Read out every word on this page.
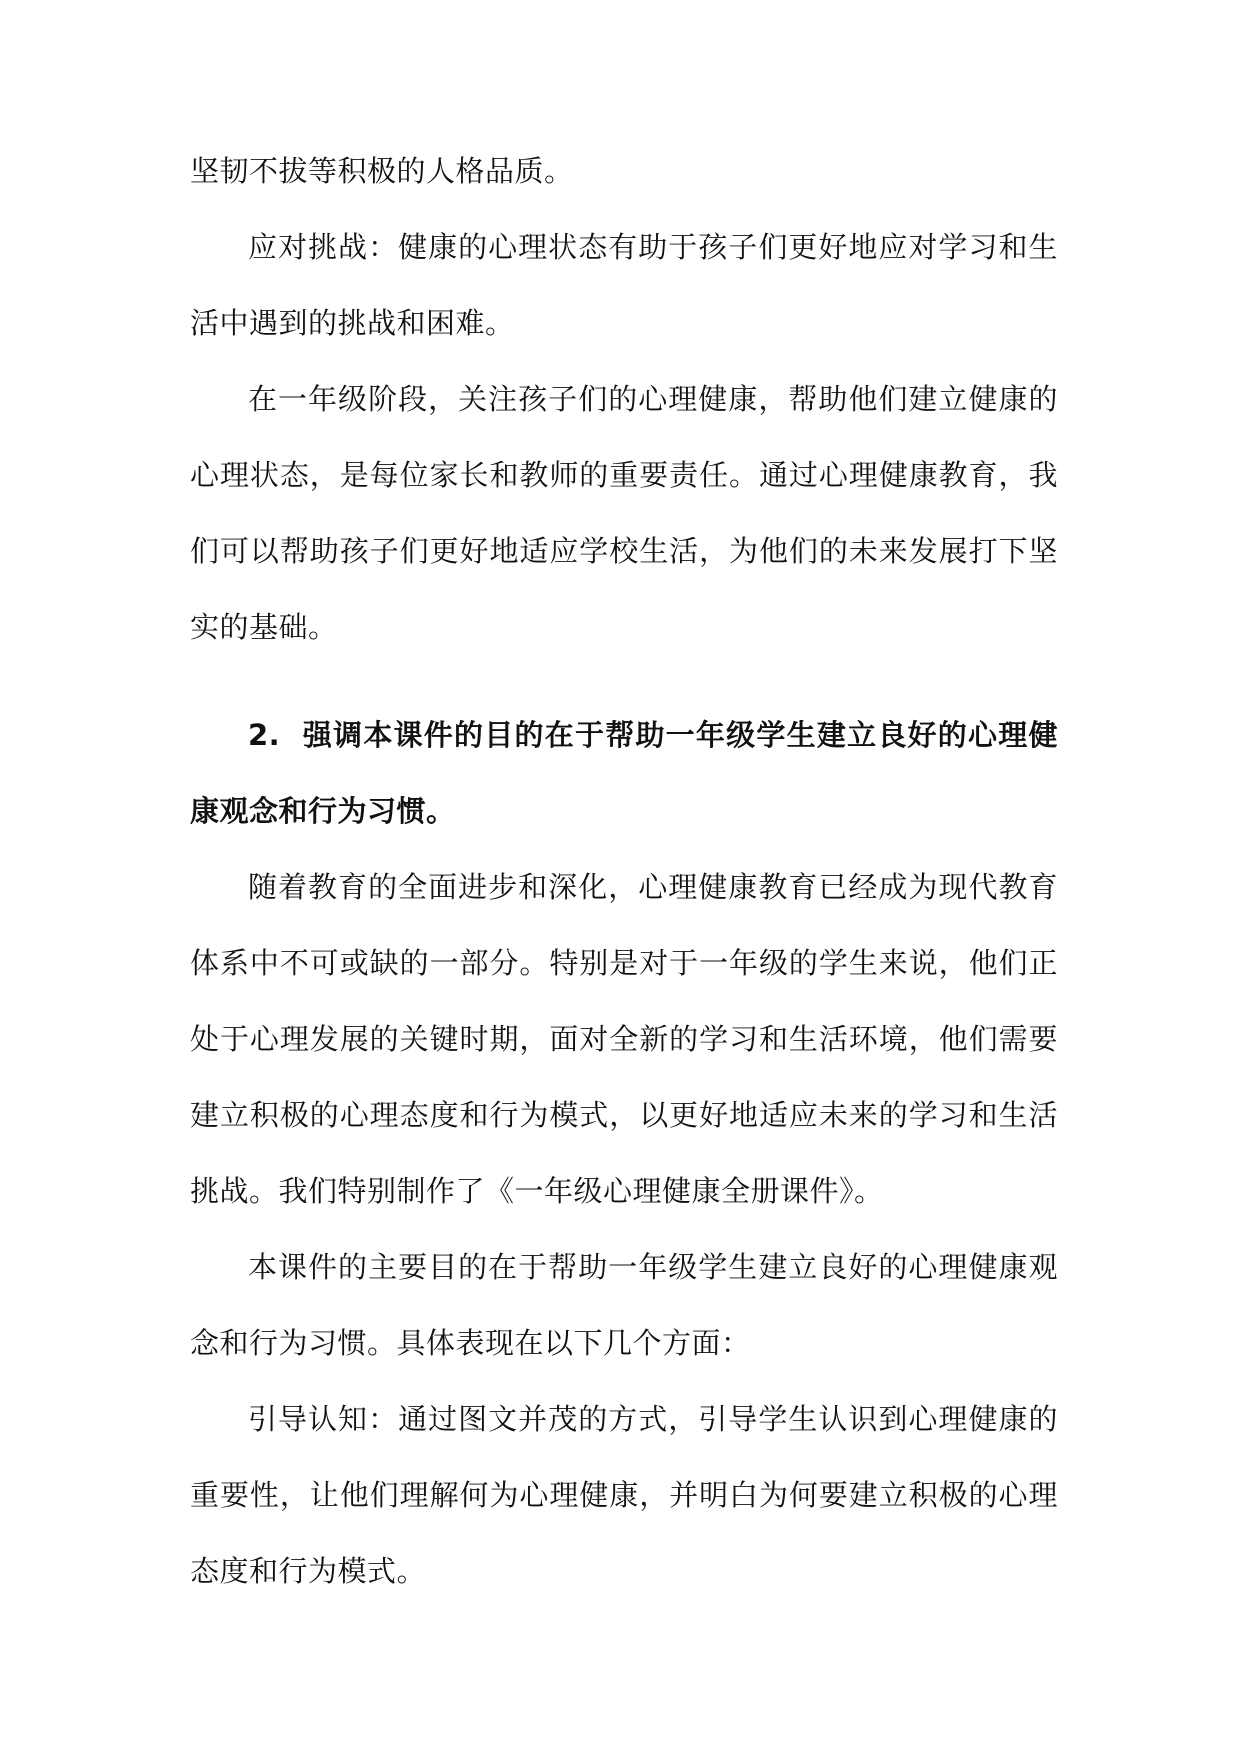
坚韧不拔等积极的人格品质。

应对挑战：健康的心理状态有助于孩子们更好地应对学习和生活中遇到的挑战和困难。

在一年级阶段，关注孩子们的心理健康，帮助他们建立健康的心理状态，是每位家长和教师的重要责任。通过心理健康教育，我们可以帮助孩子们更好地适应学校生活，为他们的未来发展打下坚实的基础。

2. 强调本课件的目的在于帮助一年级学生建立良好的心理健康观念和行为习惯。

随着教育的全面进步和深化，心理健康教育已经成为现代教育体系中不可或缺的一部分。特别是对于一年级的学生来说，他们正处于心理发展的关键时期，面对全新的学习和生活环境，他们需要建立积极的心理态度和行为模式，以更好地适应未来的学习和生活挑战。我们特别制作了《一年级心理健康全册课件》。

本课件的主要目的在于帮助一年级学生建立良好的心理健康观念和行为习惯。具体表现在以下几个方面：

引导认知：通过图文并茂的方式，引导学生认识到心理健康的重要性，让他们理解何为心理健康，并明白为何要建立积极的心理态度和行为模式。
